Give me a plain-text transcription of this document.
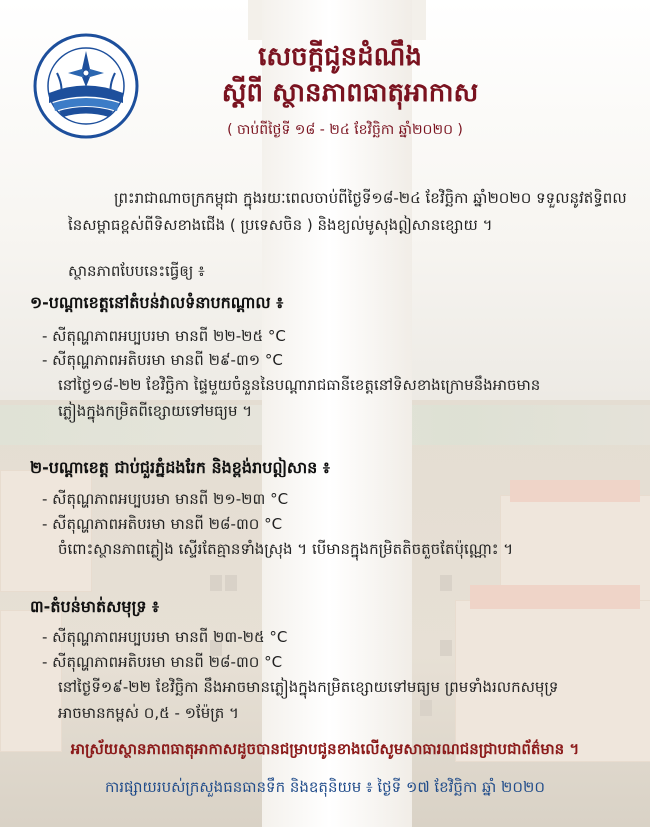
សេចក្តីជូនដំណឹង
ស្តីពី ស្ថានភាពធាតុអាកាស
( ចាប់ពីថ្ងៃទី ១៨ - ២៤ ខែវិច្ឆិកា ឆ្នាំ២០២០ )
ព្រះរាជាណាចក្រកម្ពុជា ក្នុងរយៈពេលចាប់ពីថ្ងៃទី១៨-២៤ ខែវិច្ឆិកា ឆ្នាំ២០២០ ទទួលនូវឥទ្ធិពល
នៃសម្ពាធខ្ពស់ពីទិសខាងជើង ( ប្រទេសចិន ) និងខ្យល់មូសុងឦសានខ្សោយ ។
ស្ថានភាពបែបនេះធ្វើឲ្យ ៖
១-បណ្តាខេត្តនៅតំបន់វាលទំនាបកណ្តាល ៖
- សីតុណ្ហភាពអប្បបរមា មានពី ២២-២៥ °C
- សីតុណ្ហភាពអតិបរមា មានពី ២៩-៣១ °C
នៅថ្ងៃ១៨-២២ ខែវិច្ឆិកា ផ្ទៃមួយចំនួននៃបណ្តារាជធានីខេត្តនៅទិសខាងក្រោមនឹងអាចមាន
ភ្លៀងក្នុងកម្រិតពីខ្សោយទៅមធ្យម ។
២-បណ្តាខេត្ត ជាប់ជួរភ្នំដងរែក និងខ្ពង់រាបឦសាន ៖
- សីតុណ្ហភាពអប្បបរមា មានពី ២១-២៣ °C
- សីតុណ្ហភាពអតិបរមា មានពី ២៨-៣០ °C
ចំពោះស្ថានភាពភ្លៀង ស្ទើរតែគ្មានទាំងស្រុង ។ បើមានក្នុងកម្រិតតិចតួចតែប៉ុណ្ណោះ ។
៣-តំបន់មាត់សមុទ្រ ៖
- សីតុណ្ហភាពអប្បបរមា មានពី ២៣-២៥ °C
- សីតុណ្ហភាពអតិបរមា មានពី ២៨-៣០ °C
នៅថ្ងៃទី១៩-២២ ខែវិច្ឆិកា នឹងអាចមានភ្លៀងក្នុងកម្រិតខ្សោយទៅមធ្យម ព្រមទាំងរលកសមុទ្រ
អាចមានកម្ពស់ ០,៥ - ១ម៉ែត្រ ។
អាស្រ័យស្ថានភាពធាតុអាកាសដូចបានជម្រាបជូនខាងលើសូមសាធារណជនជ្រាបជាព័ត៌មាន ។
ការផ្សាយរបស់ក្រសួងធនធានទឹក និងឧតុនិយម ៖ ថ្ងៃទី ១៧ ខែវិច្ឆិកា ឆ្នាំ ២០២០
